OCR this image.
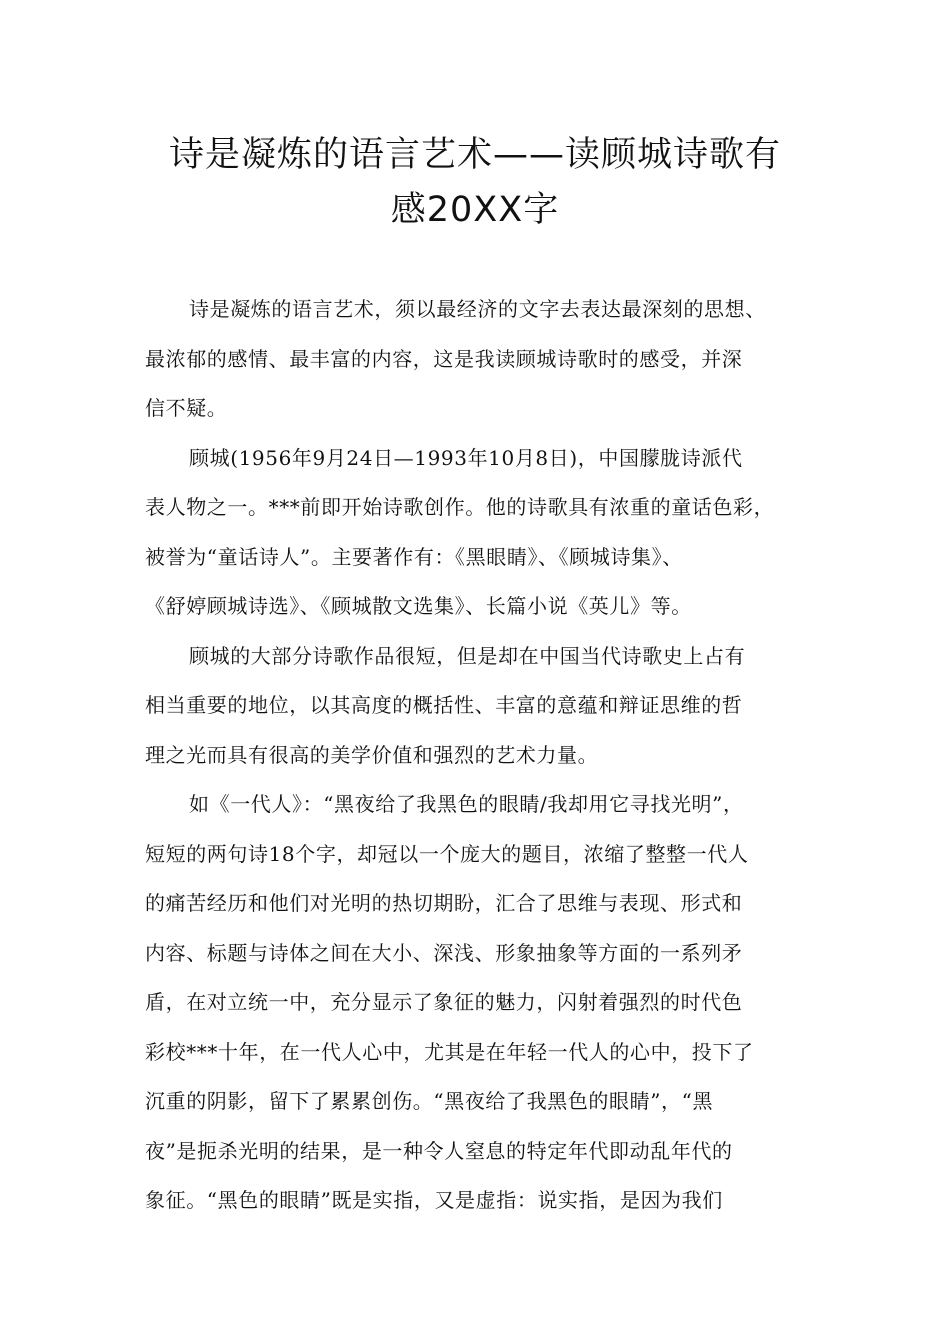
诗是凝炼的语言艺术——读顾城诗歌有
感20XX字

诗是凝炼的语言艺术，须以最经济的文字去表达最深刻的思想、
最浓郁的感情、最丰富的内容，这是我读顾城诗歌时的感受，并深
信不疑。

顾城(1956年9月24日—1993年10月8日)，中国朦胧诗派代
表人物之一。***前即开始诗歌创作。他的诗歌具有浓重的童话色彩，
被誉为“童话诗人”。主要著作有：《黑眼睛》、《顾城诗集》、
《舒婷顾城诗选》、《顾城散文选集》、长篇小说《英儿》等。

顾城的大部分诗歌作品很短，但是却在中国当代诗歌史上占有
相当重要的地位，以其高度的概括性、丰富的意蕴和辩证思维的哲
理之光而具有很高的美学价值和强烈的艺术力量。

如《一代人》：“黑夜给了我黑色的眼睛/我却用它寻找光明”，
短短的两句诗18个字，却冠以一个庞大的题目，浓缩了整整一代人
的痛苦经历和他们对光明的热切期盼，汇合了思维与表现、形式和
内容、标题与诗体之间在大小、深浅、形象抽象等方面的一系列矛
盾，在对立统一中，充分显示了象征的魅力，闪射着强烈的时代色
彩校***十年，在一代人心中，尤其是在年轻一代人的心中，投下了
沉重的阴影，留下了累累创伤。“黑夜给了我黑色的眼睛”，“黑
夜”是扼杀光明的结果，是一种令人窒息的特定年代即动乱年代的
象征。“黑色的眼睛”既是实指，又是虚指：说实指，是因为我们
